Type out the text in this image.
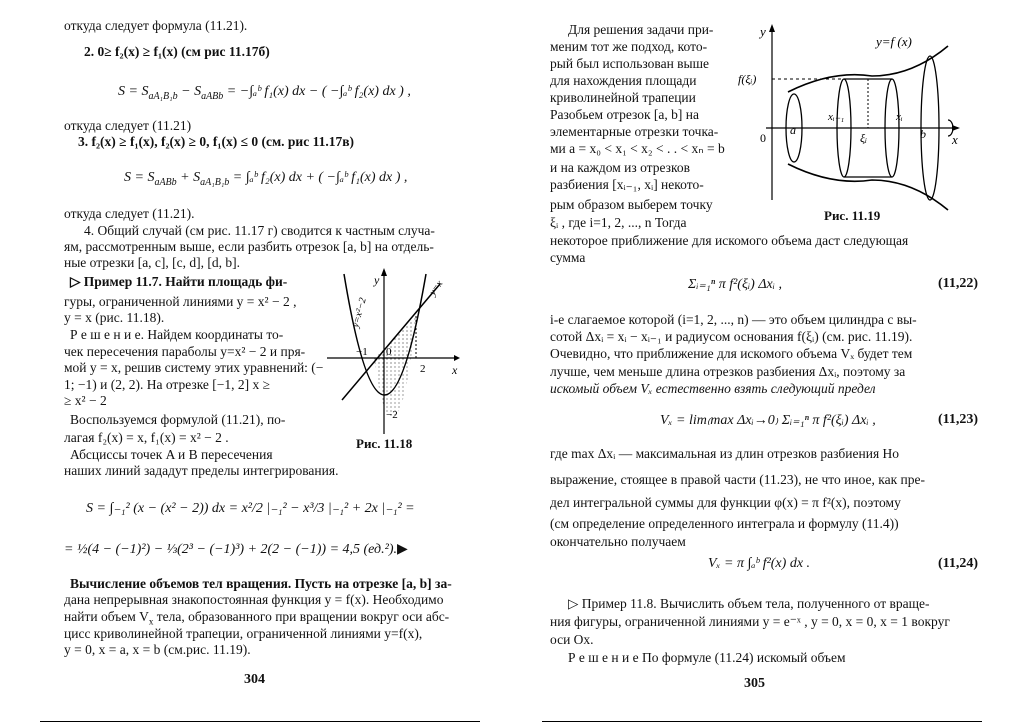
откуда следует формула (11.21).
2. 0≥ f₂(x) ≥ f₁(x) (см рис 11.17б)
$S = S_{aA_1B_1b} - S_{aABb}$ = −∫ₐᵇ f₁(x) dx − ( −∫ₐᵇ f₂(x) dx ) ,
откуда следует (11.21)
3. f₂(x) ≥ f₁(x), f₂(x) ≥ 0, f₁(x) ≤ 0 (см. рис 11.17в)
$S = S_{aABb} + S_{aA_1B_1b}$ = ∫ₐᵇ f₂(x) dx + ( −∫ₐᵇ f₁(x) dx ) ,
откуда следует (11.21).
4. Общий случай (см рис. 11.17 г) сводится к частным случа-
ям, рассмотренным выше, если разбить отрезок [a, b] на отдель-
ные отрезки [a, c], [c, d], [d, b].
▷ Пример 11.7. Найти площадь фи-
гуры, ограниченной линиями y = x² − 2 ,
y = x (рис. 11.18).
Р е ш е н и е. Найдем координаты то-
чек пересечения параболы y=x² − 2 и пря-
мой y = x, решив систему этих уравнений: (−
1; −1) и (2, 2). На отрезке [−1, 2] x ≥
≥ x² − 2
Воспользуемся формулой (11.21), по-
лагая f₂(x) = x, f₁(x) = x² − 2 .
Абсциссы точек A и B пересечения
наших линий зададут пределы интегрирования.
y
x
y=x²−2
y=x
−1 0
2
−2
Рис. 11.18
S = ∫₋₁² (x − (x² − 2)) dx = x²/2 |₋₁² − x³/3 |₋₁² + 2x |₋₁² =
= ½(4 − (−1)²) − ⅓(2³ − (−1)³) + 2(2 − (−1)) = 4,5 (ед.²).▶
Вычисление объемов тел вращения. Пусть на отрезке [a, b] за-
дана непрерывная знакопостоянная функция y = f(x). Необходимо
найти объем $V_x$ тела, образованного при вращении вокруг оси абс-
цисс криволинейной трапеции, ограниченной линиями y=f(x),
y = 0, x = a, x = b (см.рис. 11.19).
304
Для решения задачи при-
меним тот же подход, кото-
рый был использован выше
для нахождения площади
криволинейной трапеции
Разобьем отрезок [a, b] на
элементарные отрезки точка-
ми a = x₀ < x₁ < x₂ < . . < xₙ = b
и на каждом из отрезков
разбиения [xᵢ₋₁, xᵢ] некото-
рым образом выберем точку
ξᵢ , где i=1, 2, ..., n Тогда
y
y=f (x)
f(ξᵢ)
0
a
xᵢ₋₁
ξᵢ
xᵢ
b x
Рис. 11.19
некоторое приближение для искомого объема даст следующая
сумма
Σᵢ₌₁ⁿ π f²(ξᵢ) Δxᵢ ,	(11,22)
i-е слагаемое которой (i=1, 2, ..., n) — это объем цилиндра с вы-
сотой Δxᵢ = xᵢ − xᵢ₋₁ и радиусом основания f(ξᵢ) (см. рис. 11.19).
Очевидно, что приближение для искомого объема Vₓ будет тем
лучше, чем меньше длина отрезков разбиения Δxᵢ, поэтому за
искомый объем Vₓ естественно взять следующий предел
Vₓ = lim₍max Δxᵢ→0₎ Σᵢ₌₁ⁿ π f²(ξᵢ) Δxᵢ ,	(11,23)
где max Δxᵢ — максимальная из длин отрезков разбиения Но
выражение, стоящее в правой части (11.23), не что иное, как пре-
дел интегральной суммы для функции φ(x) = π f²(x), поэтому
(см определение определенного интеграла и формулу (11.4))
окончательно получаем
Vₓ = π ∫ₐᵇ f²(x) dx .	(11,24)
▷ Пример 11.8. Вычислить объем тела, полученного от враще-
ния фигуры, ограниченной линиями y = e⁻ˣ , y = 0, x = 0, x = 1 вокруг
оси Ox.
Р е ш е н и е По формуле (11.24) искомый объем
305
